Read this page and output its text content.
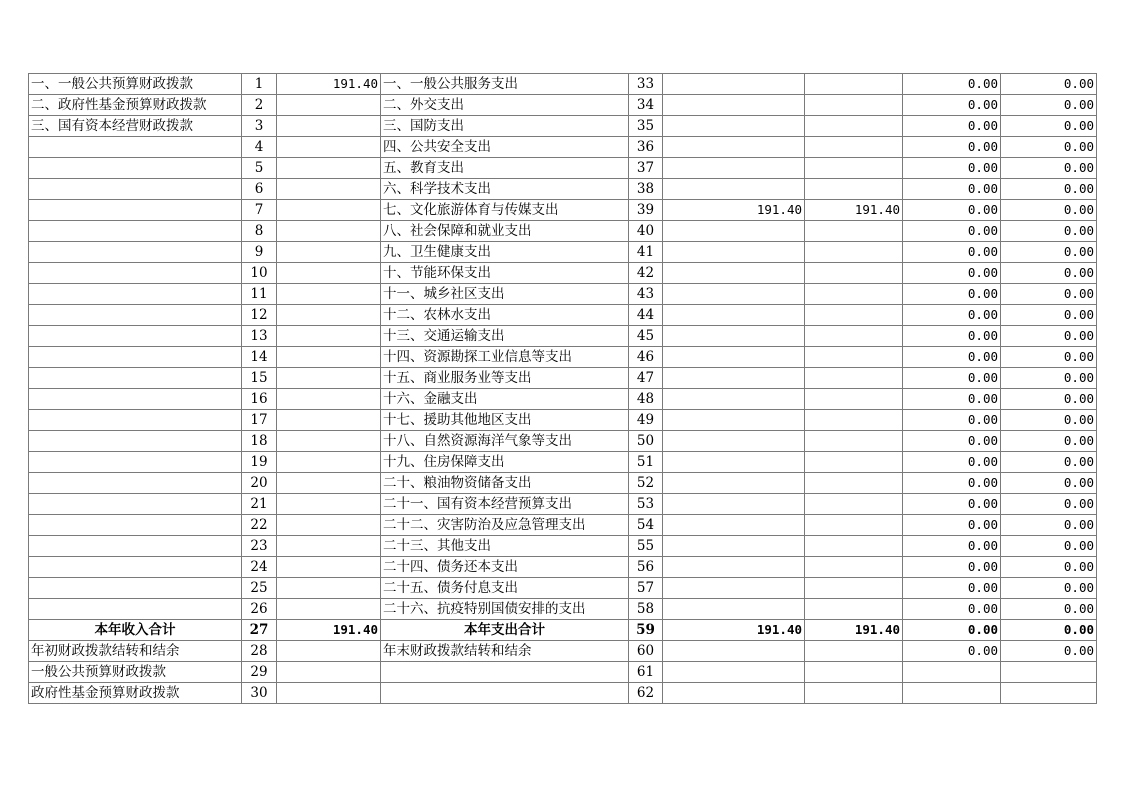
一、一般公共预算财政拨款	1	191.40	一、一般公共服务支出	33			0.00	0.00
二、政府性基金预算财政拨款	2		二、外交支出	34			0.00	0.00
三、国有资本经营财政拨款	3		三、国防支出	35			0.00	0.00
	4		四、公共安全支出	36			0.00	0.00
	5		五、教育支出	37			0.00	0.00
	6		六、科学技术支出	38			0.00	0.00
	7		七、文化旅游体育与传媒支出	39	191.40	191.40	0.00	0.00
	8		八、社会保障和就业支出	40			0.00	0.00
	9		九、卫生健康支出	41			0.00	0.00
	10		十、节能环保支出	42			0.00	0.00
	11		十一、城乡社区支出	43			0.00	0.00
	12		十二、农林水支出	44			0.00	0.00
	13		十三、交通运输支出	45			0.00	0.00
	14		十四、资源勘探工业信息等支出	46			0.00	0.00
	15		十五、商业服务业等支出	47			0.00	0.00
	16		十六、金融支出	48			0.00	0.00
	17		十七、援助其他地区支出	49			0.00	0.00
	18		十八、自然资源海洋气象等支出	50			0.00	0.00
	19		十九、住房保障支出	51			0.00	0.00
	20		二十、粮油物资储备支出	52			0.00	0.00
	21		二十一、国有资本经营预算支出	53			0.00	0.00
	22		二十二、灾害防治及应急管理支出	54			0.00	0.00
	23		二十三、其他支出	55			0.00	0.00
	24		二十四、债务还本支出	56			0.00	0.00
	25		二十五、债务付息支出	57			0.00	0.00
	26		二十六、抗疫特别国债安排的支出	58			0.00	0.00
本年收入合计	27	191.40	本年支出合计	59	191.40	191.40	0.00	0.00
年初财政拨款结转和结余	28		年末财政拨款结转和结余	60			0.00	0.00
一般公共预算财政拨款	29			61				
政府性基金预算财政拨款	30			62				
